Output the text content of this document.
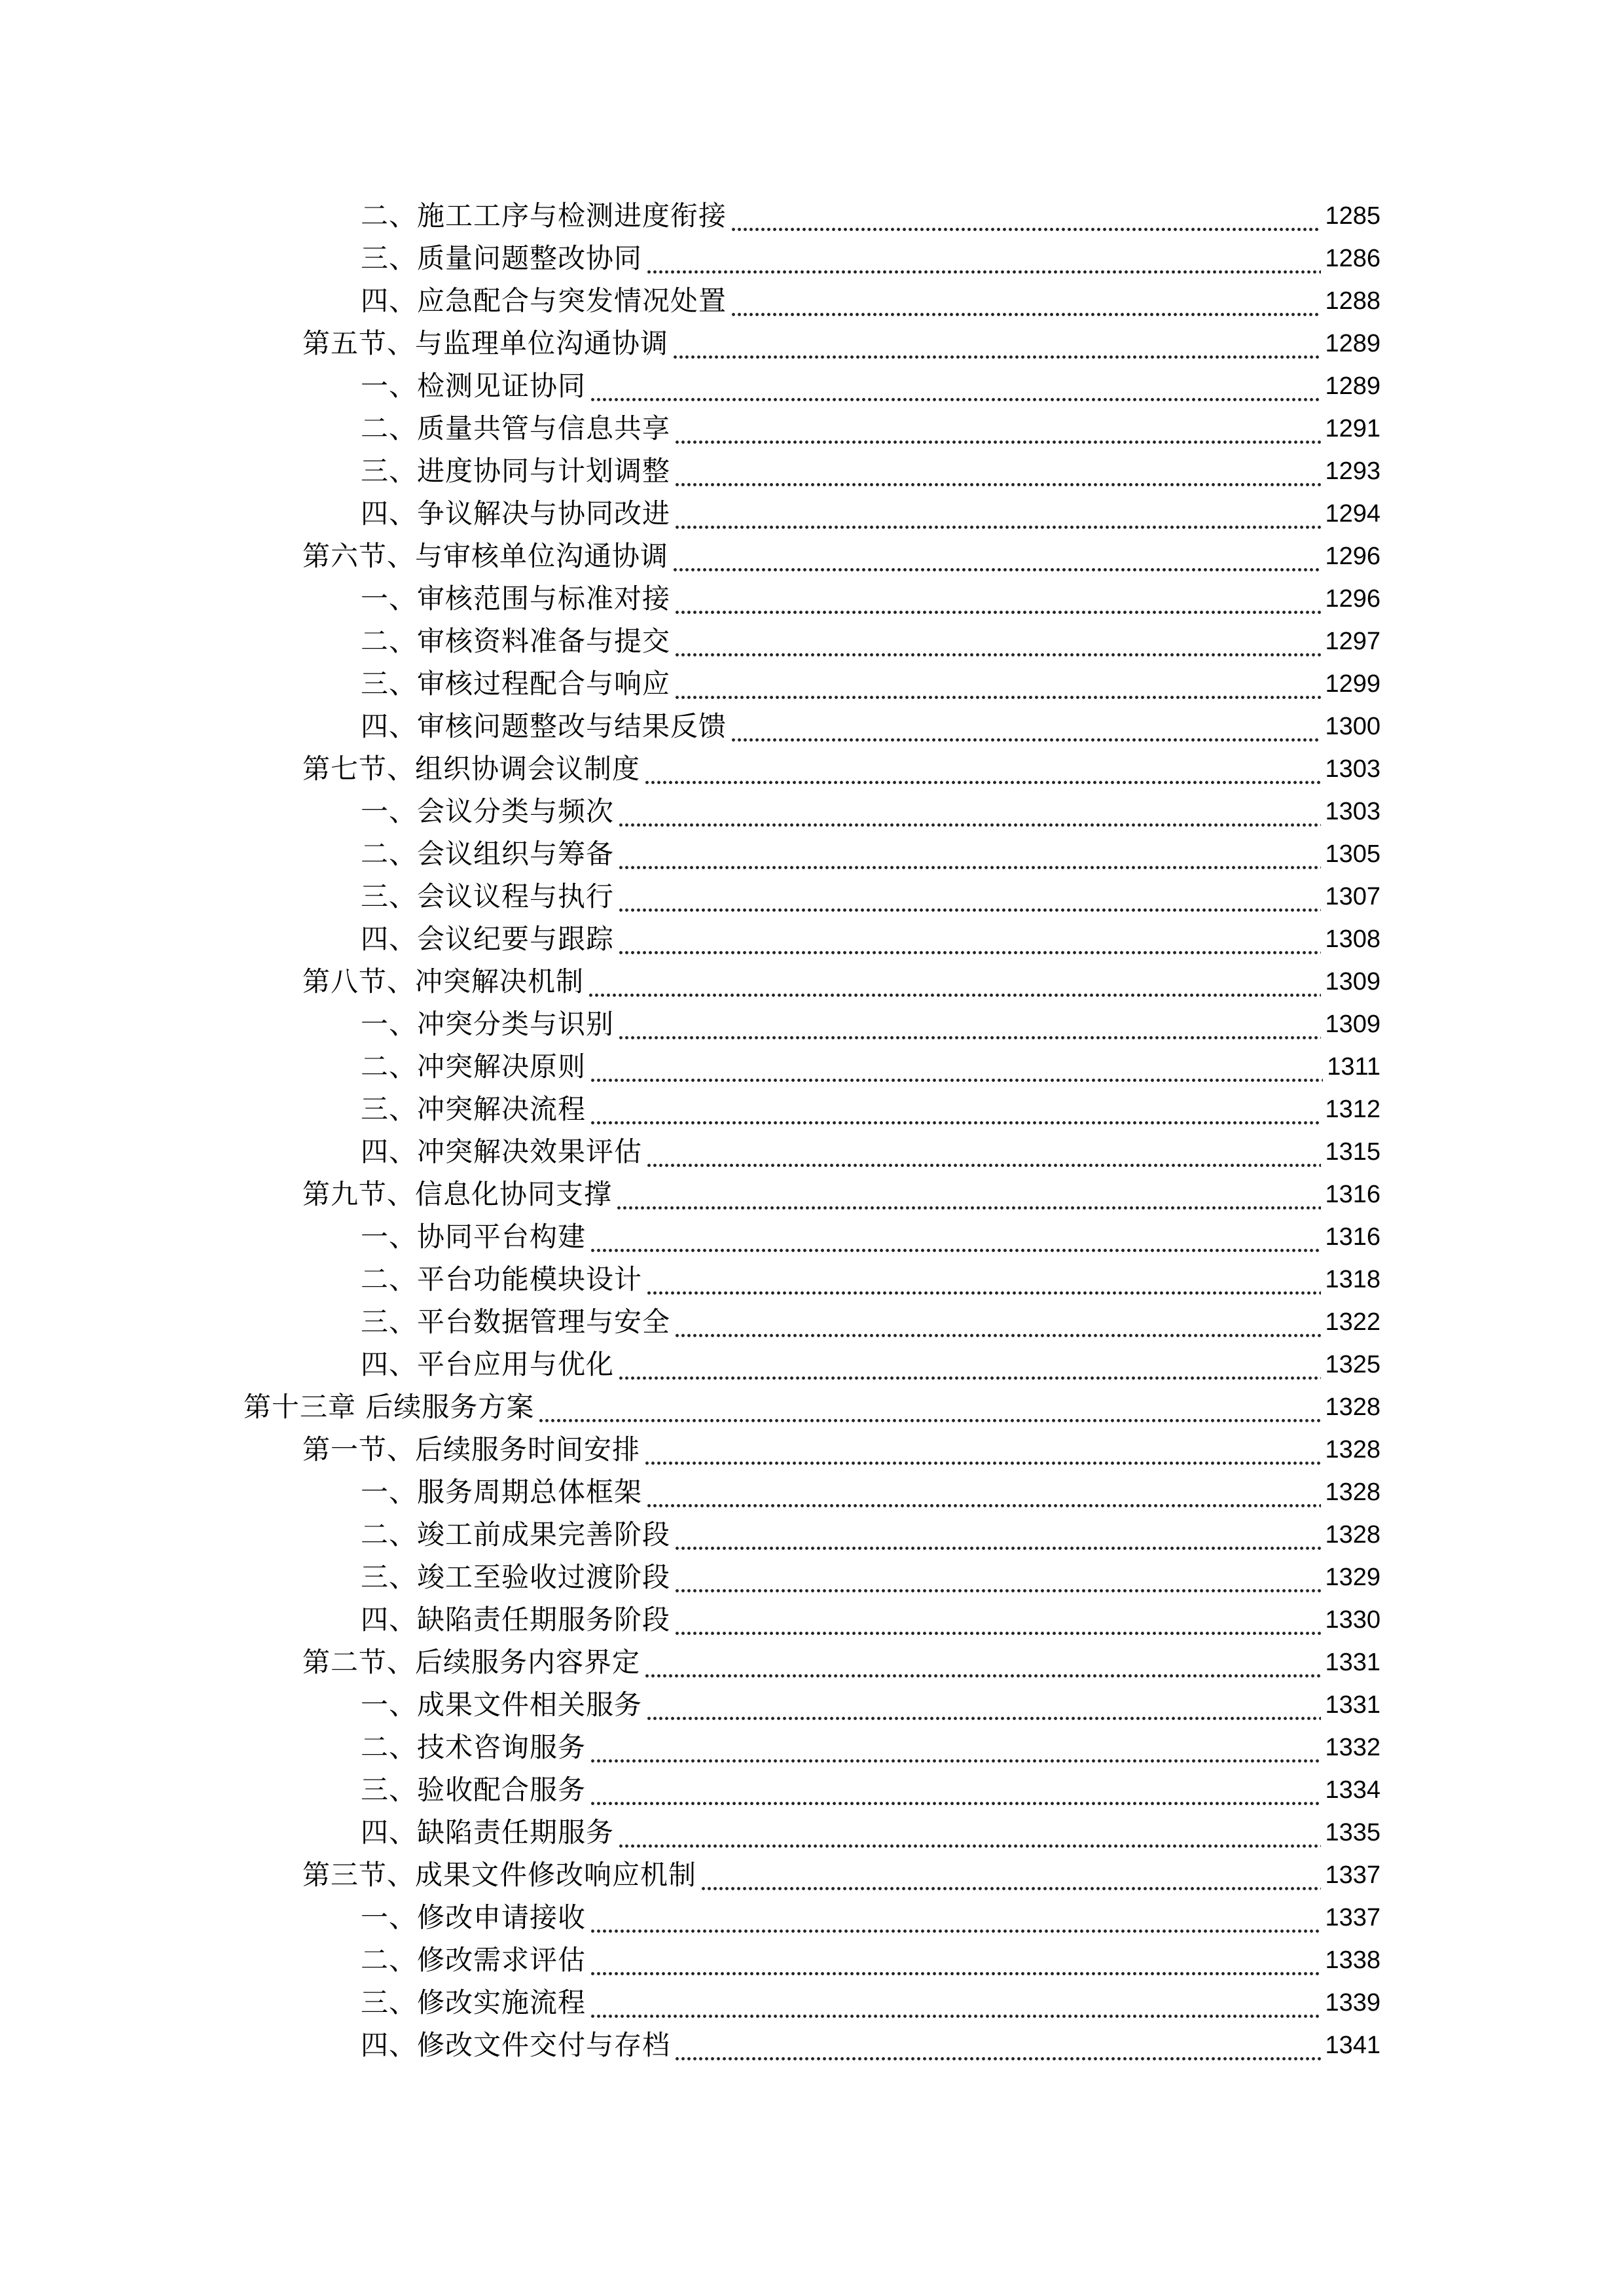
二、施工工序与检测进度衔接	1285
三、质量问题整改协同	1286
四、应急配合与突发情况处置	1288
第五节、与监理单位沟通协调	1289
一、检测见证协同	1289
二、质量共管与信息共享	1291
三、进度协同与计划调整	1293
四、争议解决与协同改进	1294
第六节、与审核单位沟通协调	1296
一、审核范围与标准对接	1296
二、审核资料准备与提交	1297
三、审核过程配合与响应	1299
四、审核问题整改与结果反馈	1300
第七节、组织协调会议制度	1303
一、会议分类与频次	1303
二、会议组织与筹备	1305
三、会议议程与执行	1307
四、会议纪要与跟踪	1308
第八节、冲突解决机制	1309
一、冲突分类与识别	1309
二、冲突解决原则	1311
三、冲突解决流程	1312
四、冲突解决效果评估	1315
第九节、信息化协同支撑	1316
一、协同平台构建	1316
二、平台功能模块设计	1318
三、平台数据管理与安全	1322
四、平台应用与优化	1325
第十三章 后续服务方案	1328
第一节、后续服务时间安排	1328
一、服务周期总体框架	1328
二、竣工前成果完善阶段	1328
三、竣工至验收过渡阶段	1329
四、缺陷责任期服务阶段	1330
第二节、后续服务内容界定	1331
一、成果文件相关服务	1331
二、技术咨询服务	1332
三、验收配合服务	1334
四、缺陷责任期服务	1335
第三节、成果文件修改响应机制	1337
一、修改申请接收	1337
二、修改需求评估	1338
三、修改实施流程	1339
四、修改文件交付与存档	1341
